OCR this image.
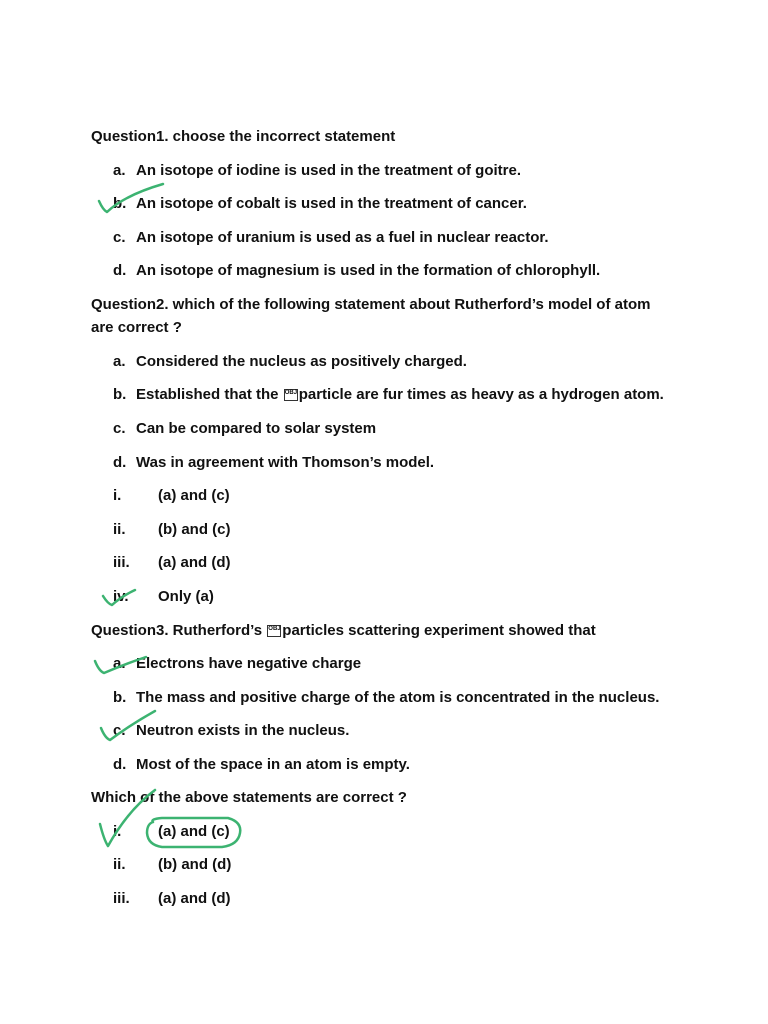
Question1. choose the incorrect statement

a. An isotope of iodine is used in the treatment of goitre.
b. An isotope of cobalt is used in the treatment of cancer.
c. An isotope of uranium is used as a fuel in nuclear reactor.
d. An isotope of magnesium is used in the formation of chlorophyll.

Question2. which of the following statement about Rutherford’s model of atom

are correct ?

a. Considered the nucleus as positively charged.
b. Established that the OBJ particle are fur times as heavy as a hydrogen atom.
c. Can be compared to solar system
d. Was in agreement with Thomson’s model.
i. (a) and (c)
ii. (b) and (c)
iii. (a) and (d)
iv. Only (a)

Question3. Rutherford’s OBJ particles scattering experiment showed that

a. Electrons have negative charge
b. The mass and positive charge of the atom is concentrated in the nucleus.
c. Neutron exists in the nucleus.
d. Most of the space in an atom is empty.

Which of the above statements are correct ?

i. (a) and (c)
ii. (b) and (d)
iii. (a) and (d)
